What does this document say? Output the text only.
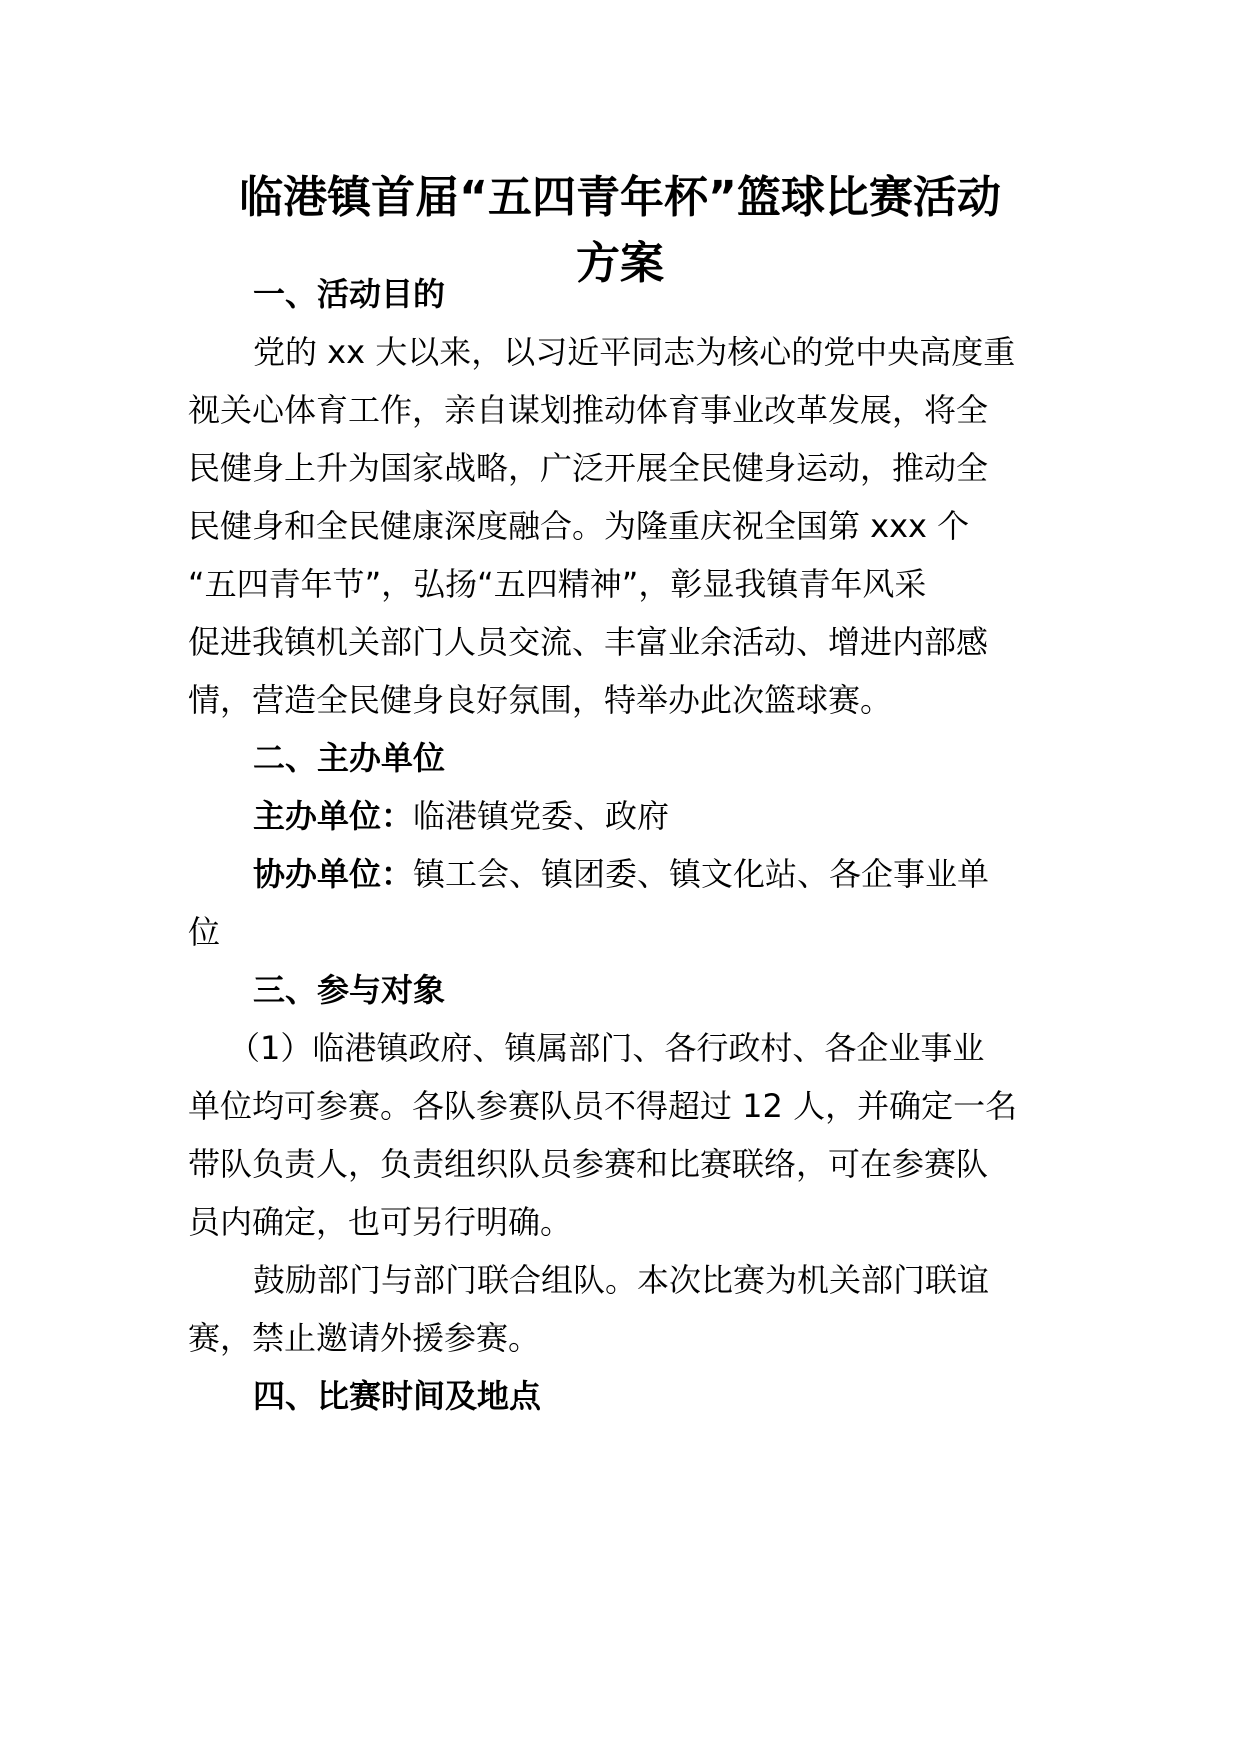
临港镇首届“五四青年杯”篮球比赛活动
方案
一、活动目的
党的 xx 大以来，以习近平同志为核心的党中央高度重
视关心体育工作，亲自谋划推动体育事业改革发展，将全
民健身上升为国家战略，广泛开展全民健身运动，推动全
民健身和全民健康深度融合。为隆重庆祝全国第 xxx 个
“五四青年节”，弘扬“五四精神”，彰显我镇青年风采
促进我镇机关部门人员交流、丰富业余活动、增进内部感
情，营造全民健身良好氛围，特举办此次篮球赛。
二、主办单位
主办单位：临港镇党委、政府
协办单位：镇工会、镇团委、镇文化站、各企事业单
位
三、参与对象
（1）临港镇政府、镇属部门、各行政村、各企业事业
单位均可参赛。各队参赛队员不得超过 12 人，并确定一名
带队负责人，负责组织队员参赛和比赛联络，可在参赛队
员内确定，也可另行明确。
鼓励部门与部门联合组队。本次比赛为机关部门联谊
赛，禁止邀请外援参赛。
四、比赛时间及地点
